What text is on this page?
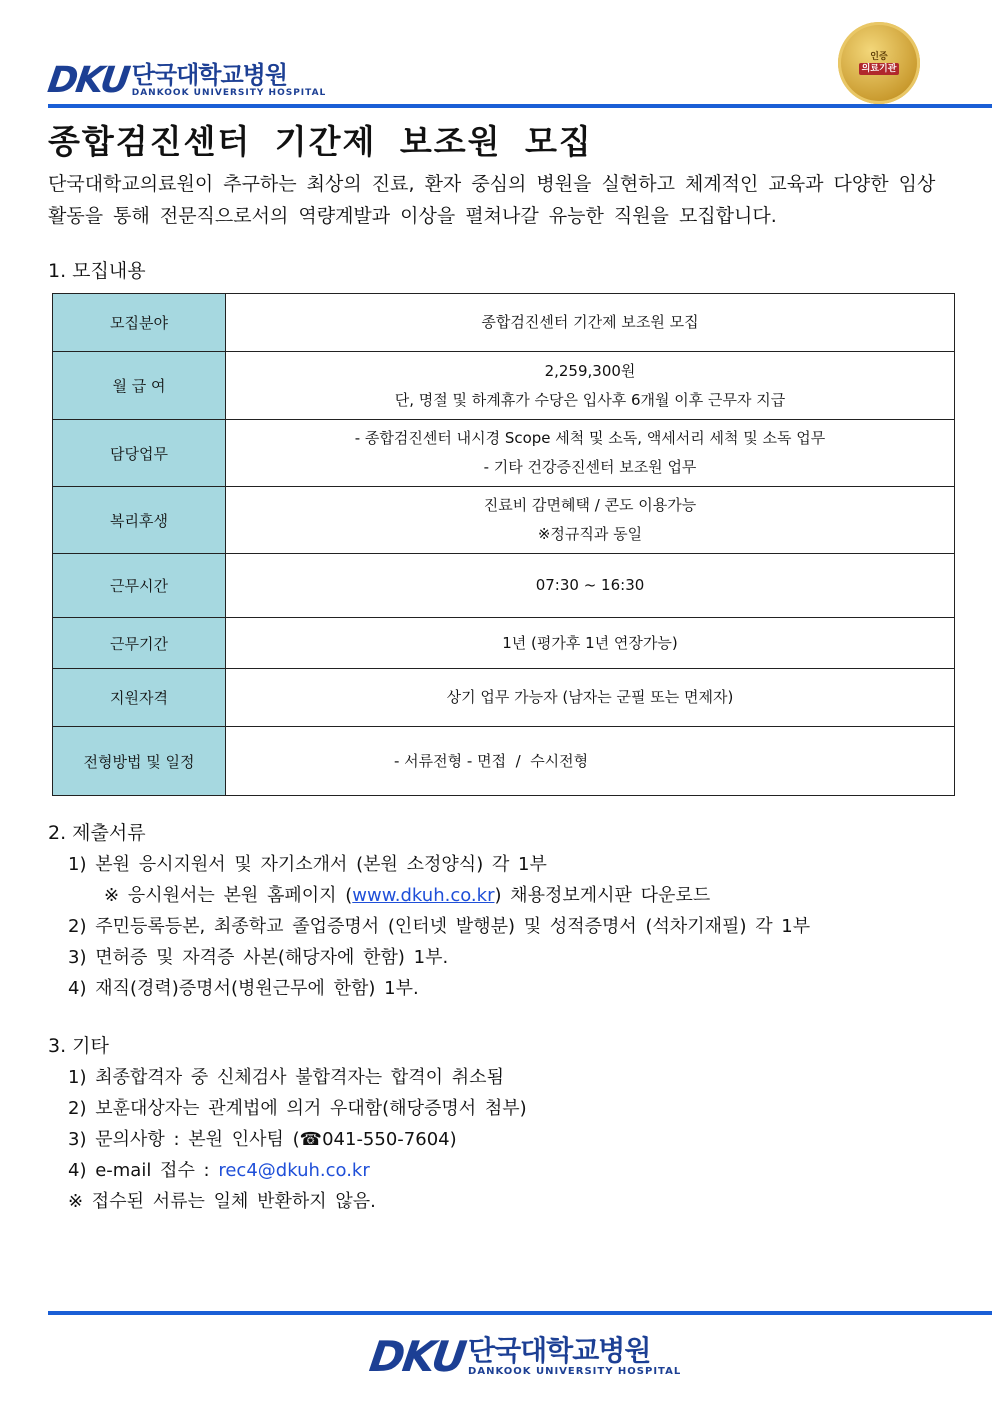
DKU 단국대학교병원
DANKOOK UNIVERSITY HOSPITAL
인증
의료기관
종합검진센터 기간제 보조원 모집
단국대학교의료원이 추구하는 최상의 진료, 환자 중심의 병원을 실현하고 체계적인 교육과 다양한 임상활동을 통해 전문직으로서의 역량계발과 이상을 펼쳐나갈 유능한 직원을 모집합니다.
1. 모집내용
모집분야	종합검진센터 기간제 보조원 모집

월 급 여	2,259,300원
단, 명절 및 하계휴가 수당은 입사후 6개월 이후 근무자 지급

담당업무	- 종합검진센터 내시경 Scope 세척 및 소독, 액세서리 세척 및 소독 업무
- 기타 건강증진센터 보조원 업무

복리후생	진료비 감면혜택 / 콘도 이용가능
※정규직과 동일

근무시간	07:30 ~ 16:30

근무기간	1년 (평가후 1년 연장가능)

지원자격	상기 업무 가능자 (남자는 군필 또는 면제자)

전형방법 및 일정	- 서류전형 - 면접  /  수시전형
2. 제출서류
1) 본원 응시지원서 및 자기소개서 (본원 소정양식) 각 1부
※ 응시원서는 본원 홈페이지 (www.dkuh.co.kr) 채용정보게시판 다운로드
2) 주민등록등본, 최종학교 졸업증명서 (인터넷 발행분) 및 성적증명서 (석차기재필) 각 1부
3) 면허증 및 자격증 사본(해당자에 한함) 1부.
4) 재직(경력)증명서(병원근무에 한함) 1부.
3. 기타
1) 최종합격자 중 신체검사 불합격자는 합격이 취소됨
2) 보훈대상자는 관계법에 의거 우대함(해당증명서 첨부)
3) 문의사항 : 본원 인사팀 (☎041-550-7604)
4) e-mail 접수 : rec4@dkuh.co.kr
※ 접수된 서류는 일체 반환하지 않음.
DKU 단국대학교병원
DANKOOK UNIVERSITY HOSPITAL
